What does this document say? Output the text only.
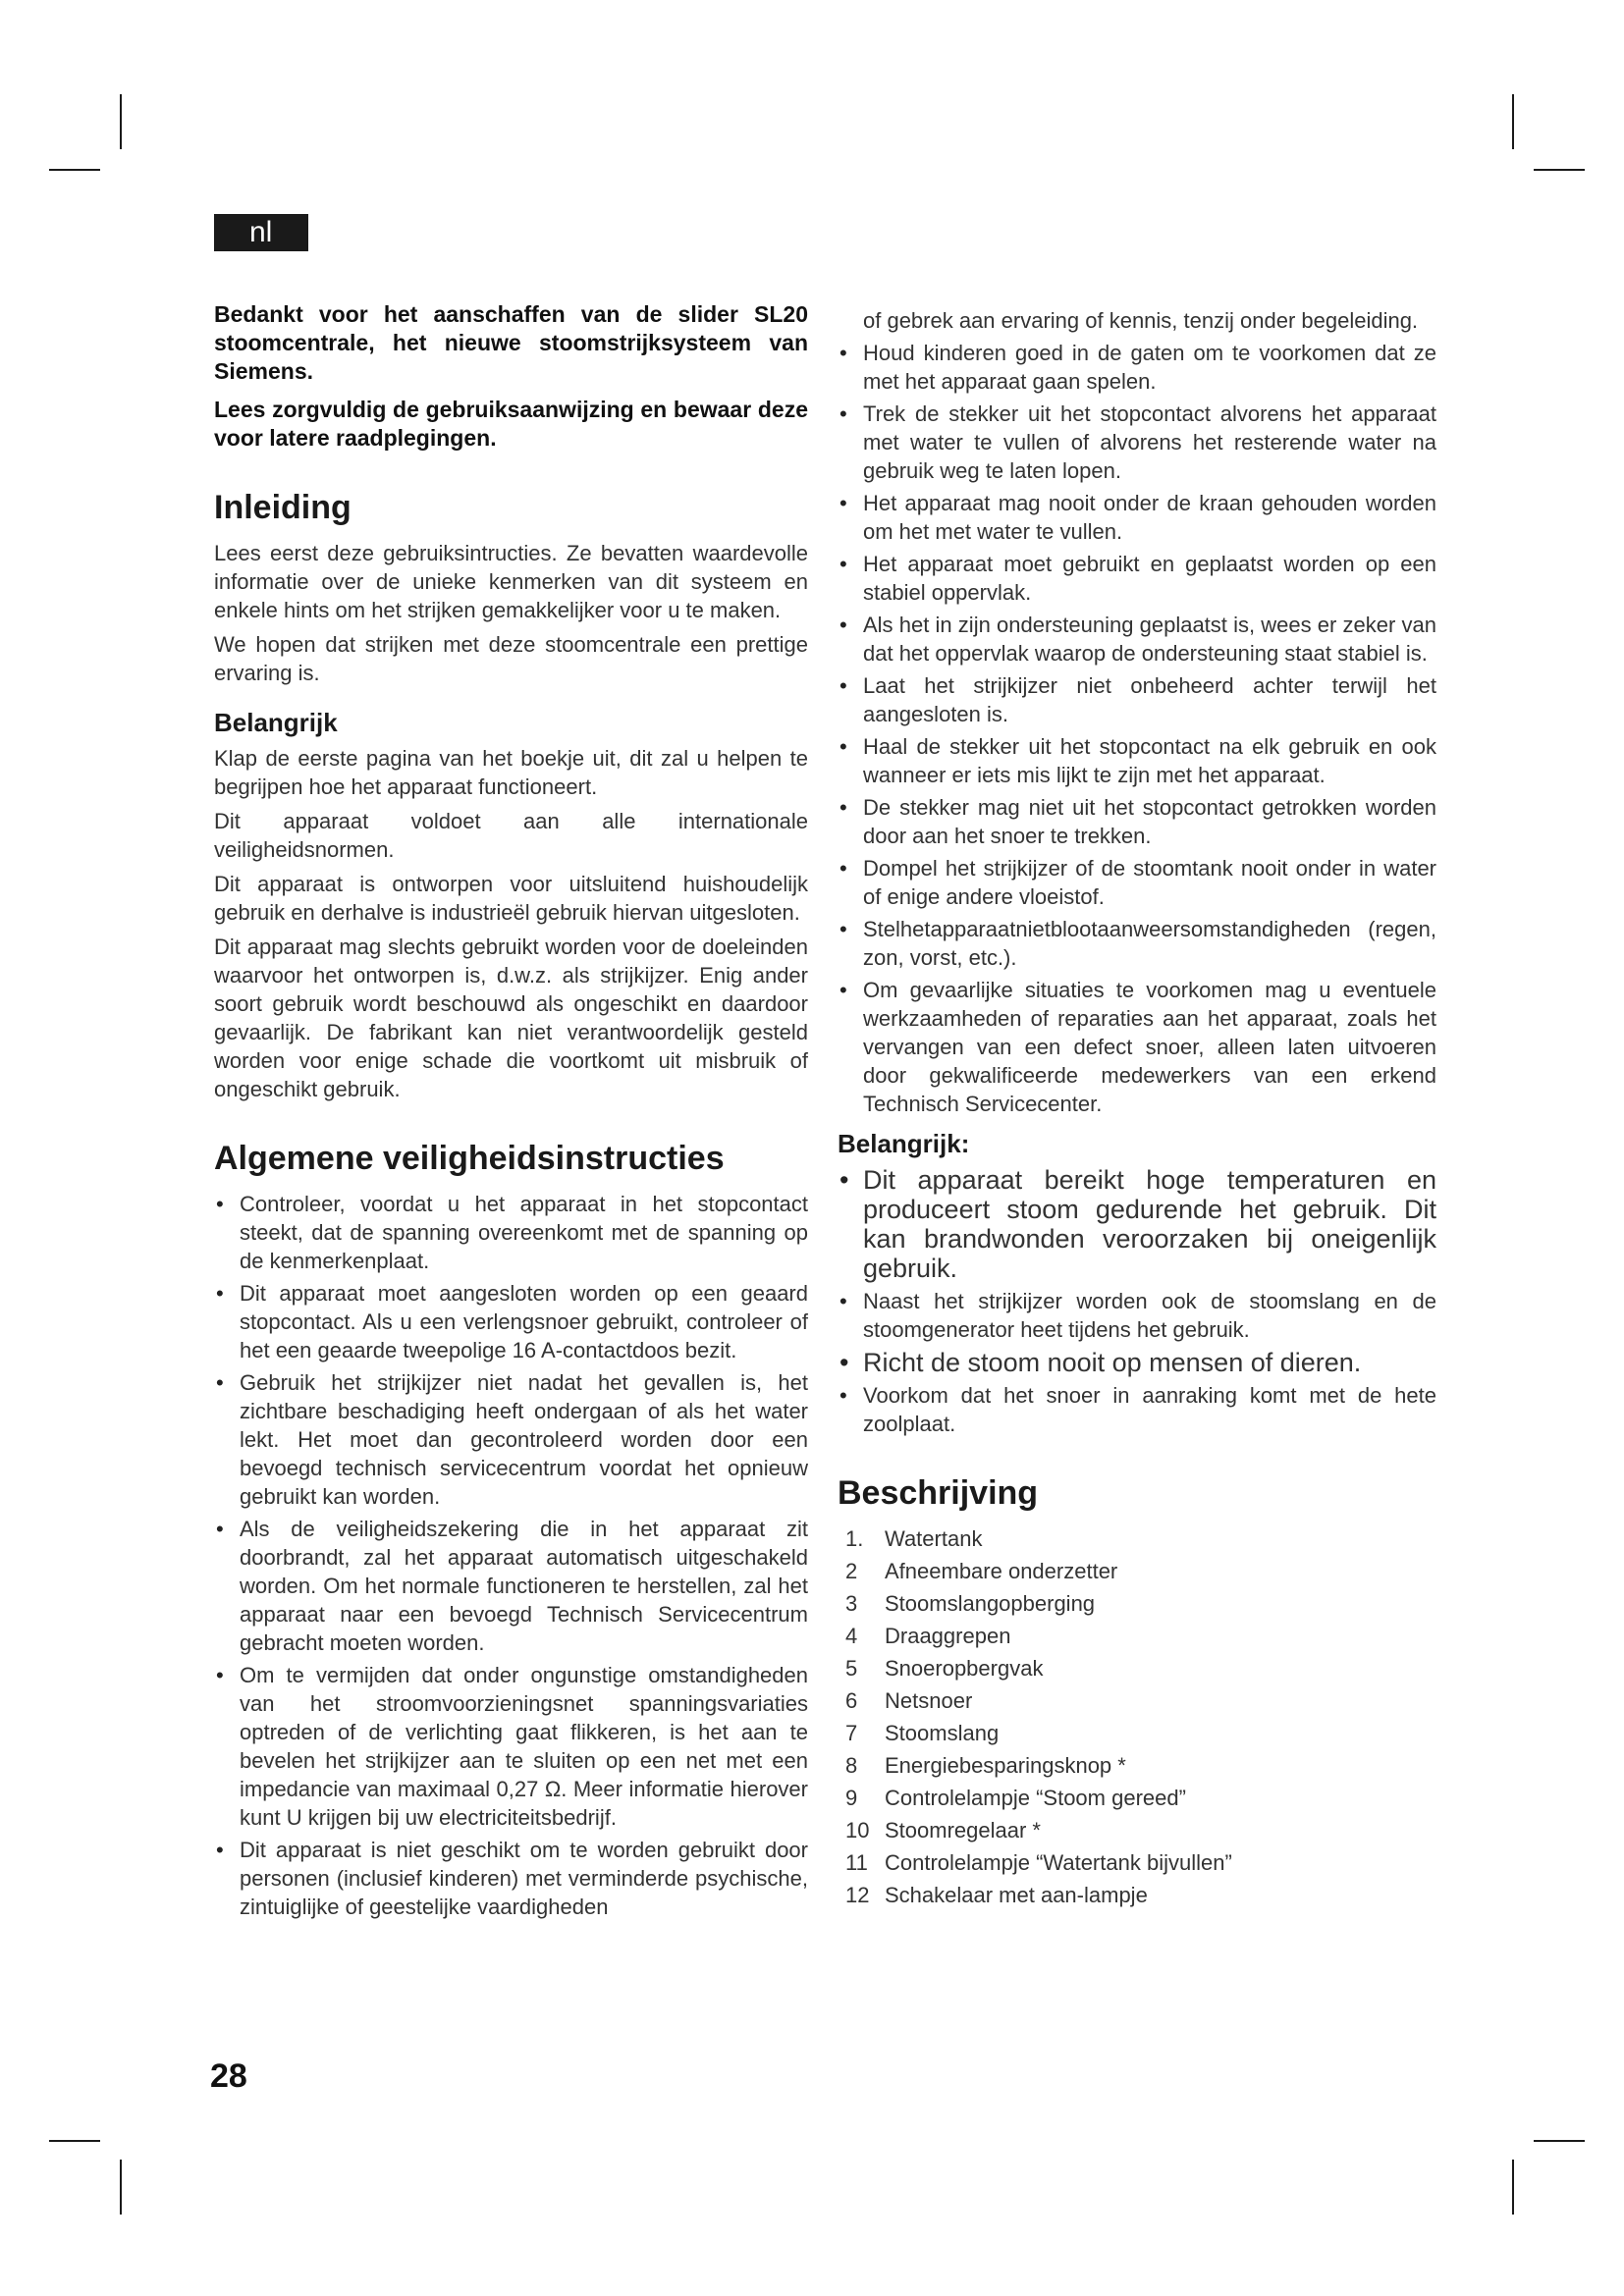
nl

Bedankt voor het aanschaffen van de slider SL20 stoomcentrale, het nieuwe stoomstrijksysteem van Siemens.

Lees zorgvuldig de gebruiksaanwijzing en bewaar deze voor latere raadplegingen.

Inleiding

Lees eerst deze gebruiksintructies. Ze bevatten waardevolle informatie over de unieke kenmerken van dit systeem en enkele hints om het strijken gemakkelijker voor u te maken.

We hopen dat strijken met deze stoomcentrale een prettige ervaring is.

Belangrijk

Klap de eerste pagina van het boekje uit, dit zal u helpen te begrijpen hoe het apparaat functioneert.

Dit apparaat voldoet aan alle internationale veiligheidsnormen.

Dit apparaat is ontworpen voor uitsluitend huishoudelijk gebruik en derhalve is industrieël gebruik hiervan uitgesloten.

Dit apparaat mag slechts gebruikt worden voor de doeleinden waarvoor het ontworpen is, d.w.z. als strijkijzer. Enig ander soort gebruik wordt beschouwd als ongeschikt en daardoor gevaarlijk. De fabrikant kan niet verantwoordelijk gesteld worden voor enige schade die voortkomt uit misbruik of ongeschikt gebruik.

Algemene veiligheidsinstructies
• Controleer, voordat u het apparaat in het stopcontact steekt, dat de spanning overeenkomt met de spanning op de kenmerkenplaat.
• Dit apparaat moet aangesloten worden op een geaard stopcontact. Als u een verlengsnoer gebruikt, controleer of het een geaarde tweepolige 16 A-contactdoos bezit.
• Gebruik het strijkijzer niet nadat het gevallen is, het zichtbare beschadiging heeft ondergaan of als het water lekt. Het moet dan gecontroleerd worden door een bevoegd technisch servicecentrum voordat het opnieuw gebruikt kan worden.
• Als de veiligheidszekering die in het apparaat zit doorbrandt, zal het apparaat automatisch uitgeschakeld worden. Om het normale functioneren te herstellen, zal het apparaat naar een bevoegd Technisch Servicecentrum gebracht moeten worden.
• Om te vermijden dat onder ongunstige omstandigheden van het stroomvoorzieningsnet spanningsvariaties optreden of de verlichting gaat flikkeren, is het aan te bevelen het strijkijzer aan te sluiten op een net met een impedancie van maximaal 0,27 Ω. Meer informatie hierover kunt U krijgen bij uw electriciteitsbedrijf.
• Dit apparaat is niet geschikt om te worden gebruikt door personen (inclusief kinderen) met verminderde psychische, zintuiglijke of geestelijke vaardigheden
of gebrek aan ervaring of kennis, tenzij onder begeleiding.
• Houd kinderen goed in de gaten om te voorkomen dat ze met het apparaat gaan spelen.
• Trek de stekker uit het stopcontact alvorens het apparaat met water te vullen of alvorens het resterende water na gebruik weg te laten lopen.
• Het apparaat mag nooit onder de kraan gehouden worden om het met water te vullen.
• Het apparaat moet gebruikt en geplaatst worden op een stabiel oppervlak.
• Als het in zijn ondersteuning geplaatst is, wees er zeker van dat het oppervlak waarop de ondersteuning staat stabiel is.
• Laat het strijkijzer niet onbeheerd achter terwijl het aangesloten is.
• Haal de stekker uit het stopcontact na elk gebruik en ook wanneer er iets mis lijkt te zijn met het apparaat.
• De stekker mag niet uit het stopcontact getrokken worden door aan het snoer te trekken.
• Dompel het strijkijzer of de stoomtank nooit onder in water of enige andere vloeistof.
• Stelhetapparaatnietblootaanweersomstandigheden (regen, zon, vorst, etc.).
• Om gevaarlijke situaties te voorkomen mag u eventuele werkzaamheden of reparaties aan het apparaat, zoals het vervangen van een defect snoer, alleen laten uitvoeren door gekwalificeerde medewerkers van een erkend Technisch Servicecenter.
Belangrijk:
• Dit apparaat bereikt hoge temperaturen en produceert stoom gedurende het gebruik. Dit kan brandwonden veroorzaken bij oneigenlijk gebruik.
• Naast het strijkijzer worden ook de stoomslang en de stoomgenerator heet tijdens het gebruik.
• Richt de stoom nooit op mensen of dieren.
• Voorkom dat het snoer in aanraking komt met de hete zoolplaat.
Beschrijving
1. Watertank
2	Afneembare onderzetter
3	Stoomslangopberging
4	Draaggrepen
5	Snoeropbergvak
6	Netsnoer
7	Stoomslang
8	Energiebesparingsknop *
9	Controlelampje “Stoom gereed”
10 Stoomregelaar *
11 Controlelampje “Watertank bijvullen”
12 Schakelaar met aan-lampje
28
